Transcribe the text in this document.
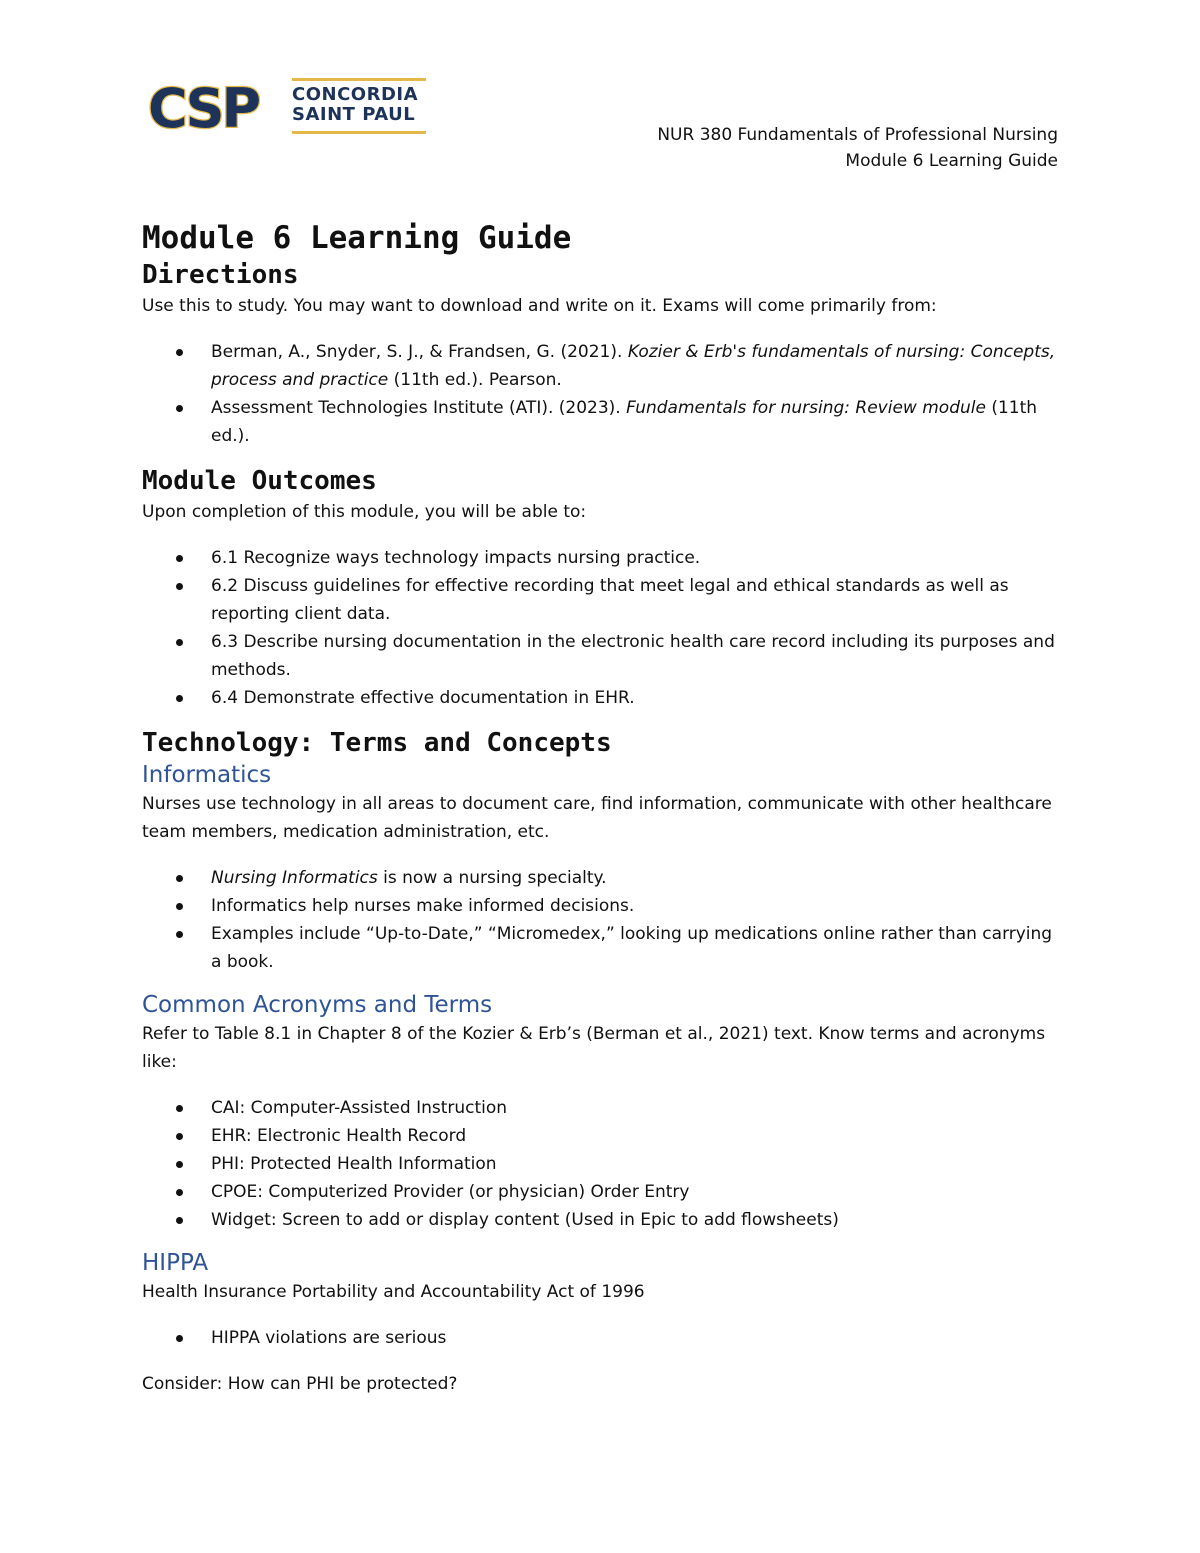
CSP CONCORDIA
SAINT PAUL
NUR 380 Fundamentals of Professional Nursing
Module 6 Learning Guide
Module 6 Learning Guide
Directions

Use this to study. You may want to download and write on it. Exams will come primarily from:

Berman, A., Snyder, S. J., & Frandsen, G. (2021). Kozier & Erb's fundamentals of nursing: Concepts, process and practice (11th ed.). Pearson.
Assessment Technologies Institute (ATI). (2023). Fundamentals for nursing: Review module (11th ed.).
Module Outcomes

Upon completion of this module, you will be able to:

6.1 Recognize ways technology impacts nursing practice.
6.2 Discuss guidelines for effective recording that meet legal and ethical standards as well as reporting client data.
6.3 Describe nursing documentation in the electronic health care record including its purposes and methods.
6.4 Demonstrate effective documentation in EHR.
Technology: Terms and Concepts
Informatics

Nurses use technology in all areas to document care, find information, communicate with other healthcare team members, medication administration, etc.

Nursing Informatics is now a nursing specialty.
Informatics help nurses make informed decisions.
Examples include “Up-to-Date,” “Micromedex,” looking up medications online rather than carrying a book.
Common Acronyms and Terms

Refer to Table 8.1 in Chapter 8 of the Kozier & Erb’s (Berman et al., 2021) text. Know terms and acronyms like:

CAI: Computer-Assisted Instruction
EHR: Electronic Health Record
PHI: Protected Health Information
CPOE: Computerized Provider (or physician) Order Entry
Widget: Screen to add or display content (Used in Epic to add flowsheets)
HIPPA

Health Insurance Portability and Accountability Act of 1996

HIPPA violations are serious

Consider: How can PHI be protected?
